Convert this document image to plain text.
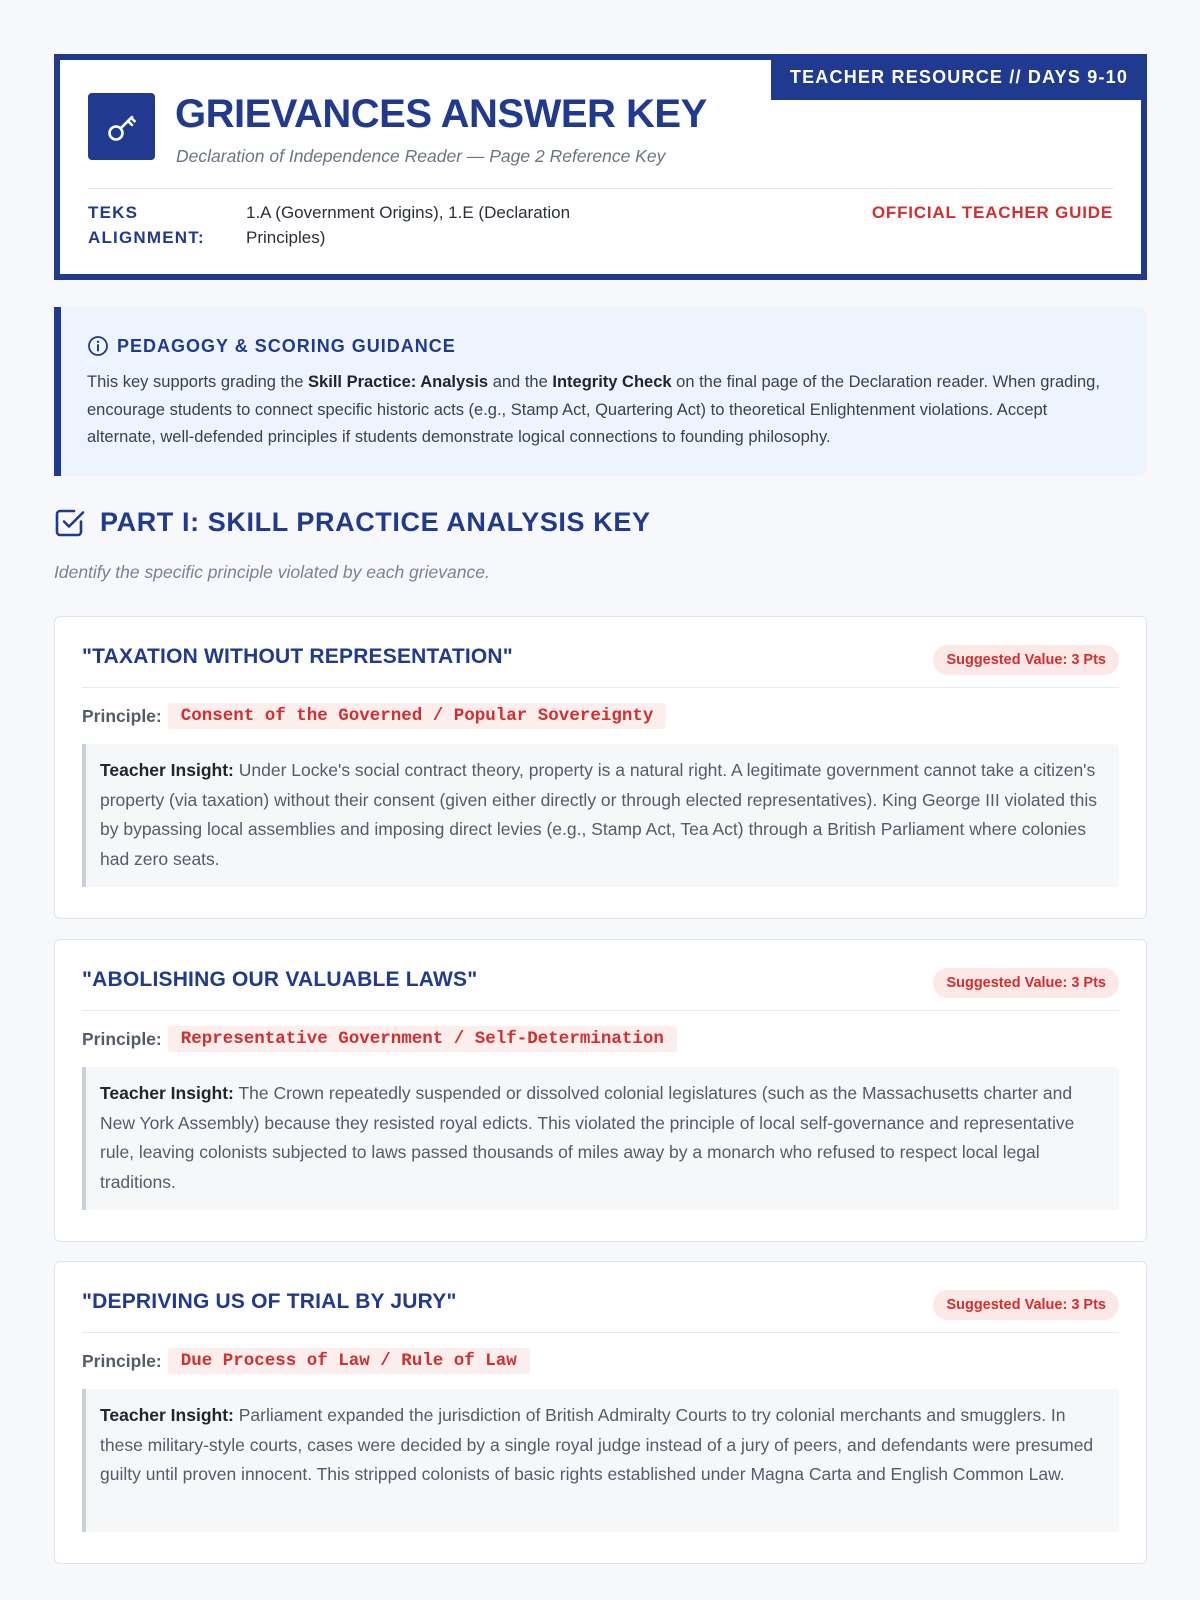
TEACHER RESOURCE // DAYS 9-10
GRIEVANCES ANSWER KEY
Declaration of Independence Reader — Page 2 Reference Key
TEKS ALIGNMENT:
1.A (Government Origins), 1.E (Declaration Principles)
OFFICIAL TEACHER GUIDE
PEDAGOGY & SCORING GUIDANCE

This key supports grading the Skill Practice: Analysis and the Integrity Check on the final page of the Declaration reader. When grading, encourage students to connect specific historic acts (e.g., Stamp Act, Quartering Act) to theoretical Enlightenment violations. Accept alternate, well-defended principles if students demonstrate logical connections to founding philosophy.

PART I: SKILL PRACTICE ANALYSIS KEY
Identify the specific principle violated by each grievance.
"TAXATION WITHOUT REPRESENTATION"	Suggested Value: 3 Pts
Principle:	Consent of the Governed / Popular Sovereignty
Teacher Insight: Under Locke's social contract theory, property is a natural right. A legitimate government cannot take a citizen's property (via taxation) without their consent (given either directly or through elected representatives). King George III violated this by bypassing local assemblies and imposing direct levies (e.g., Stamp Act, Tea Act) through a British Parliament where colonies had zero seats.
"ABOLISHING OUR VALUABLE LAWS"	Suggested Value: 3 Pts
Principle:	Representative Government / Self-Determination
Teacher Insight: The Crown repeatedly suspended or dissolved colonial legislatures (such as the Massachusetts charter and New York Assembly) because they resisted royal edicts. This violated the principle of local self-governance and representative rule, leaving colonists subjected to laws passed thousands of miles away by a monarch who refused to respect local legal traditions.
"DEPRIVING US OF TRIAL BY JURY"	Suggested Value: 3 Pts
Principle:	Due Process of Law / Rule of Law
Teacher Insight: Parliament expanded the jurisdiction of British Admiralty Courts to try colonial merchants and smugglers. In these military-style courts, cases were decided by a single royal judge instead of a jury of peers, and defendants were presumed guilty until proven innocent. This stripped colonists of basic rights established under Magna Carta and English Common Law.
